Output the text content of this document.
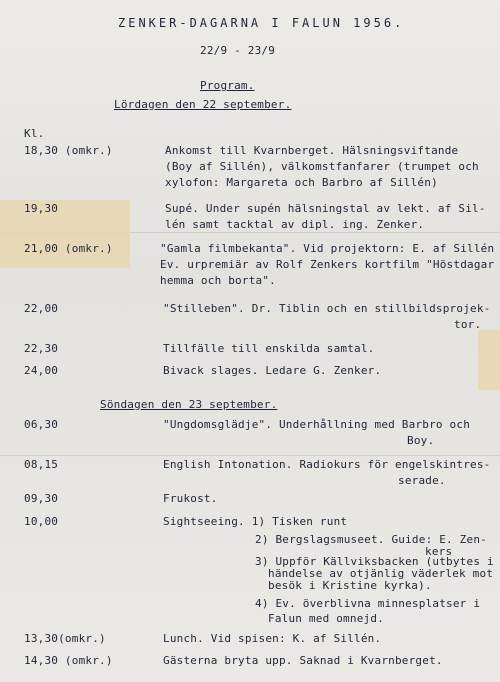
ZENKER-DAGARNA I FALUN 1956.
22/9 - 23/9
Program.
Lördagen den 22 september.
Kl.
18,30 (omkr.)	Ankomst till Kvarnberget. Hälsningsviftande
(Boy af Sillén), välkomstfanfarer (trumpet och
xylofon: Margareta och Barbro af Sillén)
19,30	Supé. Under supén hälsningstal av lekt. af Sil-
lén samt tacktal av dipl. ing. Zenker.
21,00 (omkr.)	"Gamla filmbekanta". Vid projektorn: E. af Sillén
Ev. urpremiär av Rolf Zenkers kortfilm "Höstdagar
hemma och borta".
22,00	"Stilleben". Dr. Tiblin och en stillbildsprojek-
tor.
22,30	Tillfälle till enskilda samtal.
24,00	Bivack slages. Ledare G. Zenker.
Söndagen den 23 september.
06,30	"Ungdomsglädje". Underhållning med Barbro och
Boy.
08,15	English Intonation. Radiokurs för engelskintres-
serade.
09,30	Frukost.
10,00	Sightseeing. 1) Tisken runt
2) Bergslagsmuseet. Guide: E. Zen-
kers
3) Uppför Källviksbacken (utbytes i
händelse av otjänlig väderlek mot
besök i Kristine kyrka).
4) Ev. överblivna minnesplatser i
Falun med omnejd.
13,30(omkr.)	Lunch. Vid spisen: K. af Sillén.
14,30 (omkr.)	Gästerna bryta upp. Saknad i Kvarnberget.
